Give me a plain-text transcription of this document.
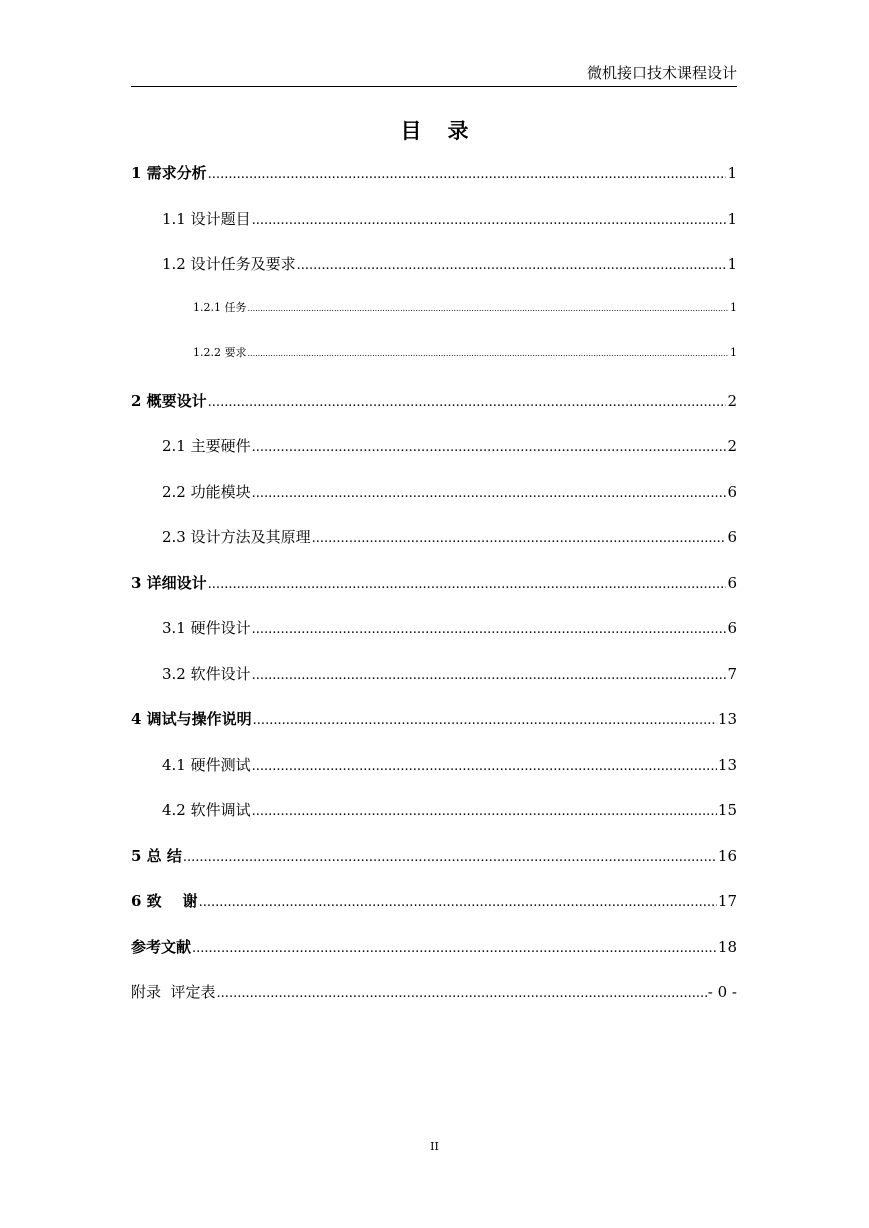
微机接口技术课程设计
目 录
1 需求分析 .....	1
1.1 设计题目 .....	1
1.2 设计任务及要求 .....	1
1.2.1 任务 .....	1
1.2.2 要求 .....	1
2 概要设计 .....	2
2.1 主要硬件 .....	2
2.2 功能模块 .....	6
2.3 设计方法及其原理 .....	6
3 详细设计 .....	6
3.1 硬件设计 .....	6
3.2 软件设计 .....	7
4 调试与操作说明 .....	13
4.1 硬件测试 .....	13
4.2 软件调试 .....	15
5 总 结 .....	16
6 致    谢 .....	17
参考文献 .....	18
附录  评定表 .....	- 0 -
II
